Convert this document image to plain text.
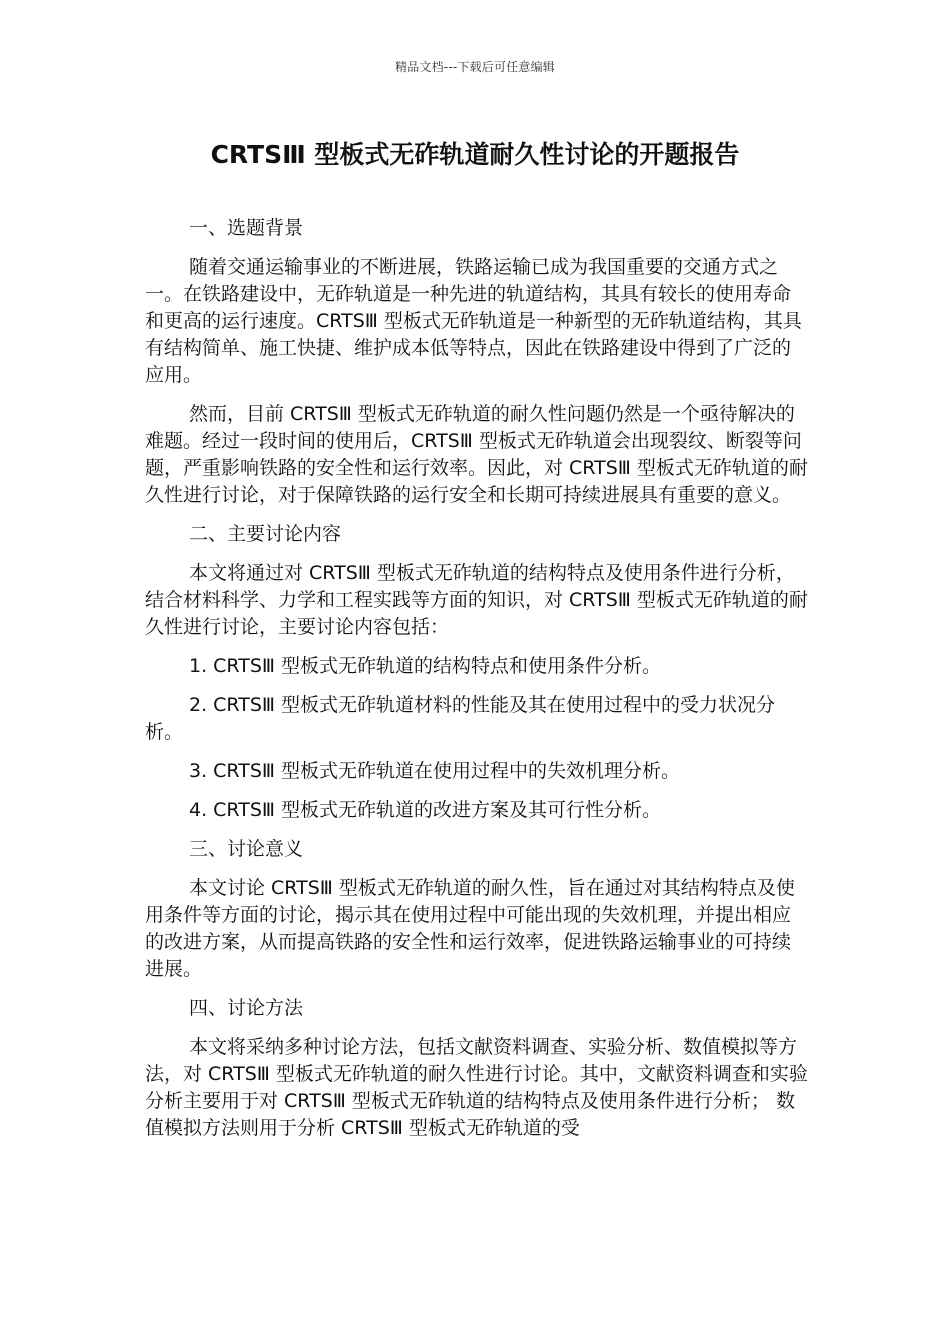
精品文档---下载后可任意编辑
CRTSⅢ 型板式无砟轨道耐久性讨论的开题报告

一、选题背景

随着交通运输事业的不断进展，铁路运输已成为我国重要的交通方式之一。在铁路建设中，无砟轨道是一种先进的轨道结构，其具有较长的使用寿命和更高的运行速度。CRTSⅢ 型板式无砟轨道是一种新型的无砟轨道结构，其具有结构简单、施工快捷、维护成本低等特点，因此在铁路建设中得到了广泛的应用。

然而，目前 CRTSⅢ 型板式无砟轨道的耐久性问题仍然是一个亟待解决的难题。经过一段时间的使用后，CRTSⅢ 型板式无砟轨道会出现裂纹、断裂等问题，严重影响铁路的安全性和运行效率。因此，对 CRTSⅢ 型板式无砟轨道的耐久性进行讨论，对于保障铁路的运行安全和长期可持续进展具有重要的意义。

二、主要讨论内容

本文将通过对 CRTSⅢ 型板式无砟轨道的结构特点及使用条件进行分析，结合材料科学、力学和工程实践等方面的知识，对 CRTSⅢ 型板式无砟轨道的耐久性进行讨论，主要讨论内容包括：

1. CRTSⅢ 型板式无砟轨道的结构特点和使用条件分析。

2. CRTSⅢ 型板式无砟轨道材料的性能及其在使用过程中的受力状况分析。

3. CRTSⅢ 型板式无砟轨道在使用过程中的失效机理分析。

4. CRTSⅢ 型板式无砟轨道的改进方案及其可行性分析。

三、讨论意义

本文讨论 CRTSⅢ 型板式无砟轨道的耐久性，旨在通过对其结构特点及使用条件等方面的讨论，揭示其在使用过程中可能出现的失效机理，并提出相应的改进方案，从而提高铁路的安全性和运行效率，促进铁路运输事业的可持续进展。

四、讨论方法

本文将采纳多种讨论方法，包括文献资料调查、实验分析、数值模拟等方法，对 CRTSⅢ 型板式无砟轨道的耐久性进行讨论。其中，文献资料调查和实验分析主要用于对 CRTSⅢ 型板式无砟轨道的结构特点及使用条件进行分析； 数值模拟方法则用于分析 CRTSⅢ 型板式无砟轨道的受
